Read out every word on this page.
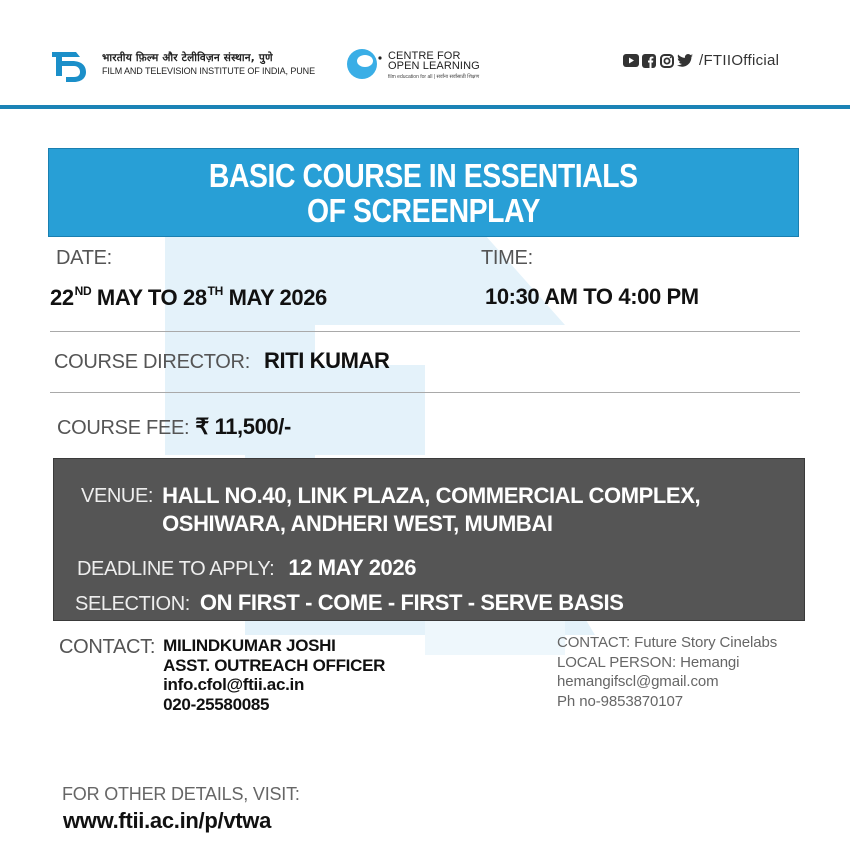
भारतीय फ़िल्म और टेलीविज़न संस्थान, पुणे
FILM AND TELEVISION INSTITUTE OF INDIA, PUNE
CENTRE FOR
OPEN LEARNING
film education for all | सर्वांना सर्वांसाठी शिक्षण
/FTIIOfficial
BASIC COURSE IN ESSENTIALS
OF SCREENPLAY
DATE:	TIME:
22ND MAY TO 28TH MAY 2026	10:30 AM TO 4:00 PM
COURSE DIRECTOR: RITI KUMAR
COURSE FEE: ₹ 11,500/-
VENUE: HALL NO.40, LINK PLAZA, COMMERCIAL COMPLEX,
OSHIWARA, ANDHERI WEST, MUMBAI
DEADLINE TO APPLY: 12 MAY 2026
SELECTION: ON FIRST - COME - FIRST - SERVE BASIS
CONTACT: MILINDKUMAR JOSHI
ASST. OUTREACH OFFICER
info.cfol@ftii.ac.in
020-25580085
CONTACT: Future Story Cinelabs
LOCAL PERSON: Hemangi
hemangifscl@gmail.com
Ph no-9853870107
FOR OTHER DETAILS, VISIT:
www.ftii.ac.in/p/vtwa
